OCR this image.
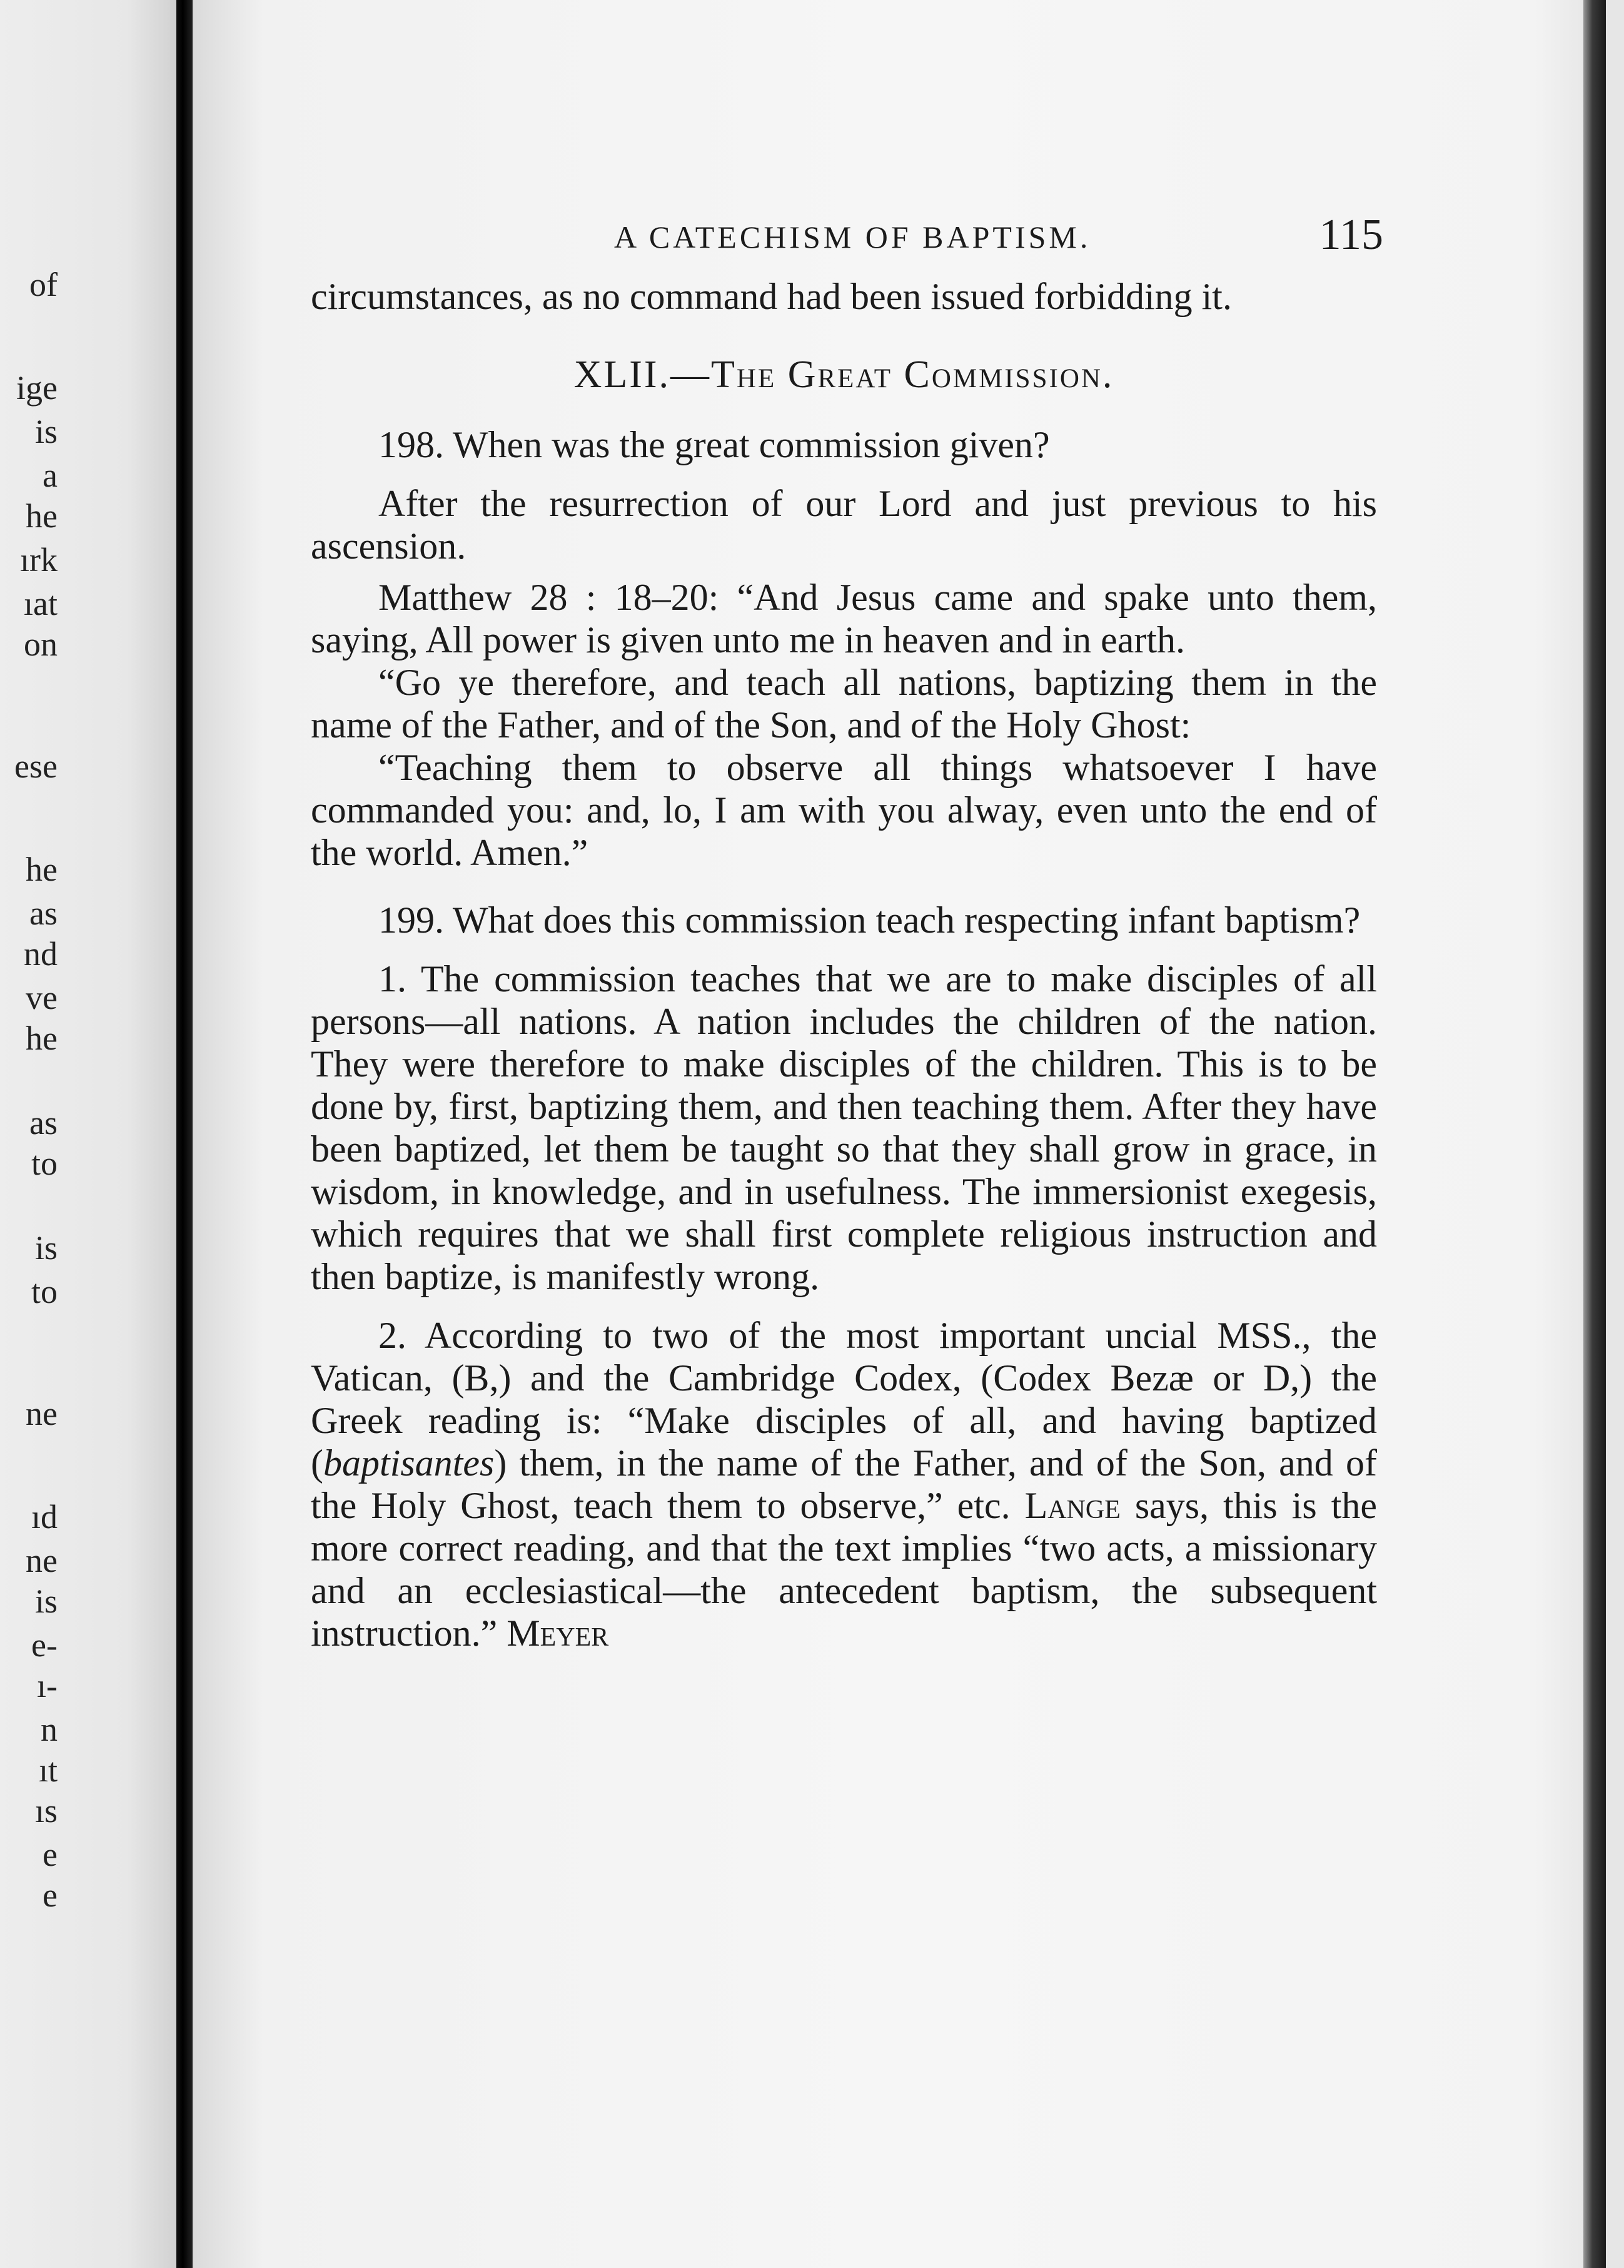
of
ige
is
a
he
ırk
ıat
on
ese
he
as
nd
ve
he
as
to
is
to
ne
ıd
ne
is
e-
ı-
n
ıt
ıs
e
e
A CATECHISM OF BAPTISM.	115

circumstances, as no command had been issued forbidding it.

XLII.—The Great Commission.

198. When was the great commission given?

After the resurrection of our Lord and just previous to his ascension.

Matthew 28 : 18–20: “And Jesus came and spake unto them, saying, All power is given unto me in heaven and in earth.

“Go ye therefore, and teach all nations, baptizing them in the name of the Father, and of the Son, and of the Holy Ghost:

“Teaching them to observe all things whatsoever I have commanded you: and, lo, I am with you alway, even unto the end of the world. Amen.”

199. What does this commission teach respecting infant baptism?

1. The commission teaches that we are to make disciples of all persons—all nations. A nation includes the children of the nation. They were therefore to make disciples of the children. This is to be done by, first, baptizing them, and then teaching them. After they have been baptized, let them be taught so that they shall grow in grace, in wisdom, in knowledge, and in usefulness. The immersionist exegesis, which requires that we shall first complete religious instruction and then baptize, is manifestly wrong.

2. According to two of the most important uncial MSS., the Vatican, (B,) and the Cambridge Codex, (Codex Bezæ or D,) the Greek reading is: “Make disciples of all, and having baptized (baptisantes) them, in the name of the Father, and of the Son, and of the Holy Ghost, teach them to observe,” etc. Lange says, this is the more correct reading, and that the text implies “two acts, a missionary and an ecclesiastical—the antecedent baptism, the subsequent instruction.” Meyer
